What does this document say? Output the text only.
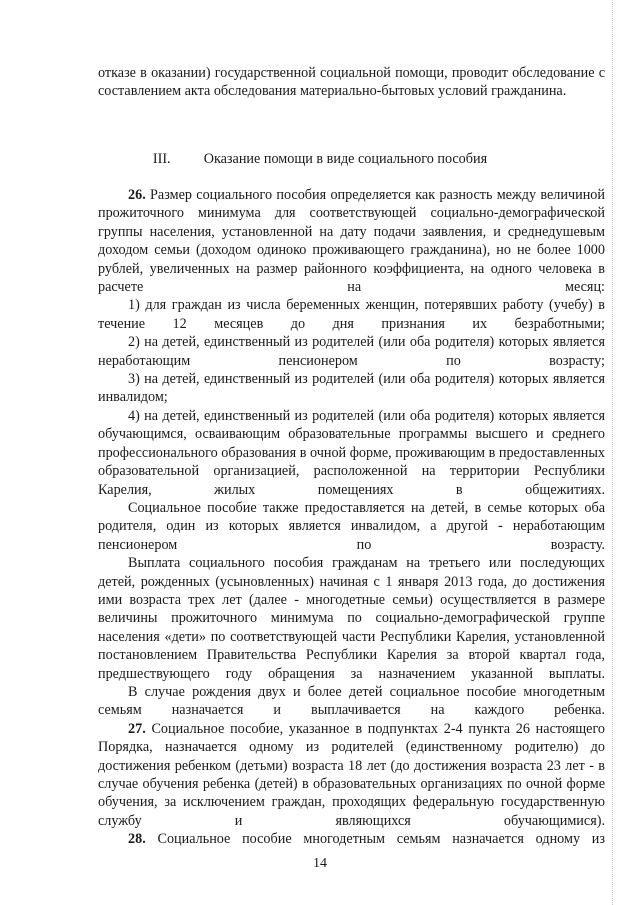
отказе в оказании) государственной социальной помощи, проводит обследование с составлением акта обследования материально-бытовых условий гражданина.

III. Оказание помощи в виде социального пособия

26. Размер социального пособия определяется как разность между величиной прожиточного минимума для соответствующей социально-демографической группы населения, установленной на дату подачи заявления, и среднедушевым доходом семьи (доходом одиноко проживающего гражданина), но не более 1000 рублей, увеличенных на размер районного коэффициента, на одного человека в расчете на месяц:

1) для граждан из числа беременных женщин, потерявших работу (учебу) в течение 12 месяцев до дня признания их безработными;

2) на детей, единственный из родителей (или оба родителя) которых является неработающим пенсионером по возрасту;

3) на детей, единственный из родителей (или оба родителя) которых является инвалидом;

4) на детей, единственный из родителей (или оба родителя) которых является обучающимся, осваивающим образовательные программы высшего и среднего профессионального образования в очной форме, проживающим в предоставленных образовательной организацией, расположенной на территории Республики Карелия, жилых помещениях в общежитиях.

Социальное пособие также предоставляется на детей, в семье которых оба родителя, один из которых является инвалидом, а другой - неработающим пенсионером по возрасту.

Выплата социального пособия гражданам на третьего или последующих детей, рожденных (усыновленных) начиная с 1 января 2013 года, до достижения ими возраста трех лет (далее - многодетные семьи) осуществляется в размере величины прожиточного минимума по социально-демографической группе населения «дети» по соответствующей части Республики Карелия, установленной постановлением Правительства Республики Карелия за второй квартал года, предшествующего году обращения за назначением указанной выплаты.

В случае рождения двух и более детей социальное пособие многодетным семьям назначается и выплачивается на каждого ребенка.

27. Социальное пособие, указанное в подпунктах 2-4 пункта 26 настоящего Порядка, назначается одному из родителей (единственному родителю) до достижения ребенком (детьми) возраста 18 лет (до достижения возраста 23 лет - в случае обучения ребенка (детей) в образовательных организациях по очной форме обучения, за исключением граждан, проходящих федеральную государственную службу и являющихся обучающимися).

28. Социальное пособие многодетным семьям назначается одному из

14
